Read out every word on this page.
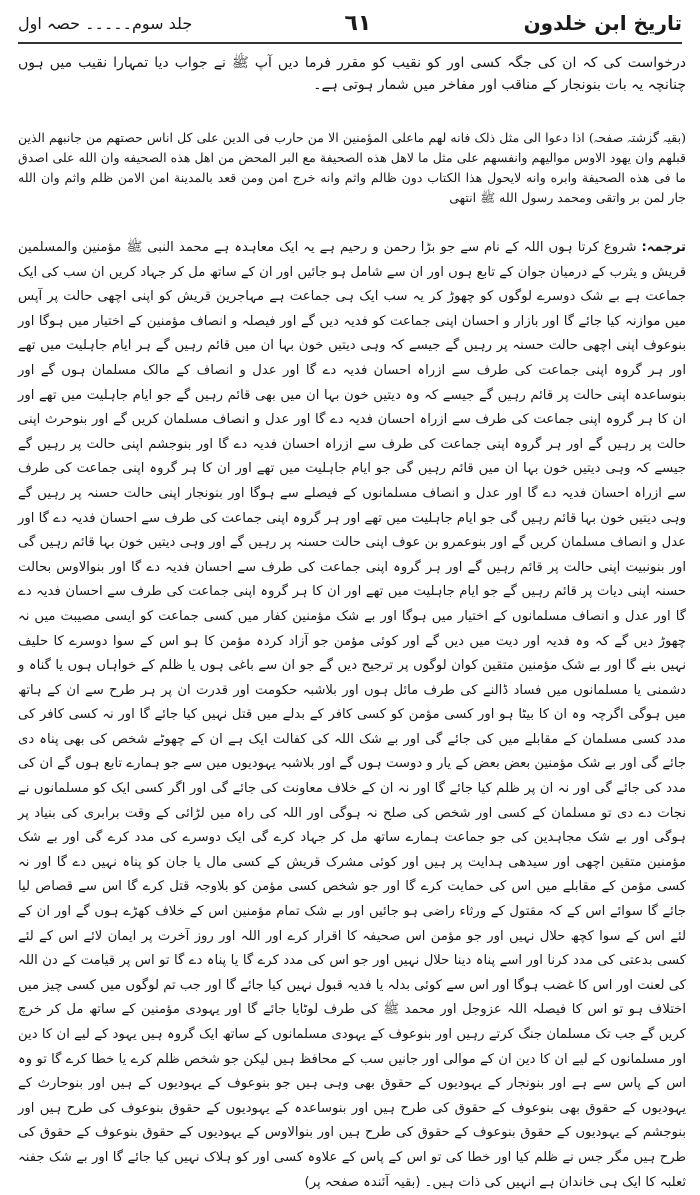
جلد سوم۔۔۔۔۔ حصہ اول	٦١	تاریخ ابن خلدون

درخواست کی کہ ان کی جگہ کسی اور کو نقیب کو مقرر فرما دیں آپ ﷺ نے جواب دیا تمہارا نقیب میں ہوں چنانچہ یہ بات بنونجار کے مناقب اور مفاخر میں شمار ہوتی ہے۔

(بقیہ گزشتہ صفحہ) اذا دعوا الی مثل ذلک فانه لهم ماعلی المؤمنین الا من حارب فی الدین علی کل اناس حصتهم من جانبهم الذین قبلهم وان یهود الاوس موالیهم وانفسهم علی مثل ما لاهل هذه الصحیفة مع البر المحض من اهل هذه الصحیفه وان الله علی اصدق ما فی هذه الصحیفة وابره وانه لایحول هذا الکتاب دون ظالم واثم وانه خرج امن ومن قعد بالمدینة امن الامن ظلم واثم وان الله جار لمن بر واتقی ومحمد رسول الله ﷺ انتهی

ترجمہ: شروع کرتا ہوں اللہ کے نام سے جو بڑا رحمن و رحیم ہے یہ ایک معاہدہ ہے محمد النبی ﷺ مؤمنین والمسلمین قریش و یثرب کے درمیان جوان کے تابع ہوں اور ان سے شامل ہو جائیں اور ان کے ساتھ مل کر جہاد کریں ان سب کی ایک جماعت ہے بے شک دوسرے لوگوں کو چھوڑ کر یہ سب ایک ہی جماعت ہے مہاجرین قریش کو اپنی اچھی حالت پر آپس میں موازنہ کیا جائے گا اور بازار و احسان اپنی جماعت کو فدیہ دیں گے اور فیصلہ و انصاف مؤمنین کے اختیار میں ہوگا اور بنوعوف اپنی اچھی حالت حسنہ پر رہیں گے جیسے کہ وہی دیتیں خون بہا ان میں قائم رہیں گے ہر ایام جاہلیت میں تھے اور ہر گروہ اپنی جماعت کی طرف سے ازراہ احسان فدیہ دے گا اور عدل و انصاف کے مالک مسلمان ہوں گے اور بنوساعدہ اپنی حالت پر قائم رہیں گے جیسے کہ وہ دیتیں خون بہا ان میں بھی قائم رہیں گے جو ایام جاہلیت میں تھے اور ان کا ہر گروہ اپنی جماعت کی طرف سے ازراہ احسان فدیہ دے گا اور عدل و انصاف مسلمان کریں گے اور بنوحرث اپنی حالت پر رہیں گے اور ہر گروہ اپنی جماعت کی طرف سے ازراہ احسان فدیہ دے گا اور بنوجشم اپنی حالت پر رہیں گے جیسے کہ وہی دیتیں خون بہا ان میں قائم رہیں گی جو ایام جاہلیت میں تھے اور ان کا ہر گروہ اپنی جماعت کی طرف سے ازراہ احسان فدیہ دے گا اور عدل و انصاف مسلمانوں کے فیصلے سے ہوگا اور بنونجار اپنی حالت حسنہ پر رہیں گے وہی دیتیں خون بہا قائم رہیں گی جو ایام جاہلیت میں تھے اور ہر گروہ اپنی جماعت کی طرف سے احسان فدیہ دے گا اور عدل و انصاف مسلمان کریں گے اور بنوعمرو بن عوف اپنی حالت حسنہ پر رہیں گے اور وہی دیتیں خون بہا قائم رہیں گی اور بنونبیت اپنی حالت پر قائم رہیں گے اور ہر گروہ اپنی جماعت کی طرف سے احسان فدیہ دے گا اور بنوالاوس بحالت حسنہ اپنی دیات پر قائم رہیں گے جو ایام جاہلیت میں تھے اور ان کا ہر گروہ اپنی جماعت کی طرف سے احسان فدیہ دے گا اور عدل و انصاف مسلمانوں کے اختیار میں ہوگا اور بے شک مؤمنین کفار میں کسی جماعت کو ایسی مصیبت میں نہ چھوڑ دیں گے کہ وہ فدیہ اور دیت میں دیں گے اور کوئی مؤمن جو آزاد کردہ مؤمن کا ہو اس کے سوا دوسرے کا حلیف نہیں بنے گا اور بے شک مؤمنین متقین کوان لوگوں پر ترجیح دیں گے جو ان سے باغی ہوں یا ظلم کے خواہاں ہوں یا گناہ و دشمنی یا مسلمانوں میں فساد ڈالنے کی طرف مائل ہوں اور بلاشبہ حکومت اور قدرت ان پر ہر طرح سے ان کے ہاتھ میں ہوگی اگرچہ وہ ان کا بیٹا ہو اور کسی مؤمن کو کسی کافر کے بدلے میں قتل نہیں کیا جائے گا اور نہ کسی کافر کی مدد کسی مسلمان کے مقابلے میں کی جائے گی اور بے شک اللہ کی کفالت ایک ہے ان کے چھوٹے شخص کی بھی پناہ دی جائے گی اور بے شک مؤمنین بعض بعض کے یار و دوست ہوں گے اور بلاشبہ یہودیوں میں سے جو ہمارے تابع ہوں گے ان کی مدد کی جائے گی اور نہ ان پر ظلم کیا جائے گا اور نہ ان کے خلاف معاونت کی جائے گی اور اگر کسی ایک کو مسلمانوں نے نجات دے دی تو مسلمان کے کسی اور شخص کی صلح نہ ہوگی اور اللہ کی راہ میں لڑائی کے وقت برابری کی بنیاد پر ہوگی اور بے شک مجاہدین کی جو جماعت ہمارے ساتھ مل کر جہاد کرے گی ایک دوسرے کی مدد کرے گی اور بے شک مؤمنین متقین اچھی اور سیدھی ہدایت پر ہیں اور کوئی مشرک قریش کے کسی مال یا جان کو پناہ نہیں دے گا اور نہ کسی مؤمن کے مقابلے میں اس کی حمایت کرے گا اور جو شخص کسی مؤمن کو بلاوجہ قتل کرے گا اس سے قصاص لیا جائے گا سوائے اس کے کہ مقتول کے ورثاء راضی ہو جائیں اور بے شک تمام مؤمنین اس کے خلاف کھڑے ہوں گے اور ان کے لئے اس کے سوا کچھ حلال نہیں اور جو مؤمن اس صحیفہ کا اقرار کرے اور اللہ اور روز آخرت پر ایمان لائے اس کے لئے کسی بدعتی کی مدد کرنا اور اسے پناہ دینا حلال نہیں اور جو اس کی مدد کرے گا یا پناہ دے گا تو اس پر قیامت کے دن اللہ کی لعنت اور اس کا غضب ہوگا اور اس سے کوئی بدلہ یا فدیہ قبول نہیں کیا جائے گا اور جب تم لوگوں میں کسی چیز میں اختلاف ہو تو اس کا فیصلہ اللہ عزوجل اور محمد ﷺ کی طرف لوٹایا جائے گا اور یہودی مؤمنین کے ساتھ مل کر خرچ کریں گے جب تک مسلمان جنگ کرتے رہیں اور بنوعوف کے یہودی مسلمانوں کے ساتھ ایک گروہ ہیں یہود کے لیے ان کا دین اور مسلمانوں کے لیے ان کا دین ان کے موالی اور جانیں سب کے محافظ ہیں لیکن جو شخص ظلم کرے یا خطا کرے گا تو وہ اس کے پاس سے ہے اور بنونجار کے یہودیوں کے حقوق بھی وہی ہیں جو بنوعوف کے یہودیوں کے ہیں اور بنوحارث کے یہودیوں کے حقوق بھی بنوعوف کے حقوق کی طرح ہیں اور بنوساعدہ کے یہودیوں کے حقوق بنوعوف کی طرح ہیں اور بنوجشم کے یہودیوں کے حقوق بنوعوف کے حقوق کی طرح ہیں اور بنوالاوس کے یہودیوں کے حقوق بنوعوف کے حقوق کی طرح ہیں مگر جس نے ظلم کیا اور خطا کی تو اس کے پاس کے علاوہ کسی اور کو ہلاک نہیں کیا جائے گا اور بے شک جفنہ ثعلبہ کا ایک ہی خاندان ہے انہیں کی ذات ہیں۔ (بقیہ آئندہ صفحہ پر)
